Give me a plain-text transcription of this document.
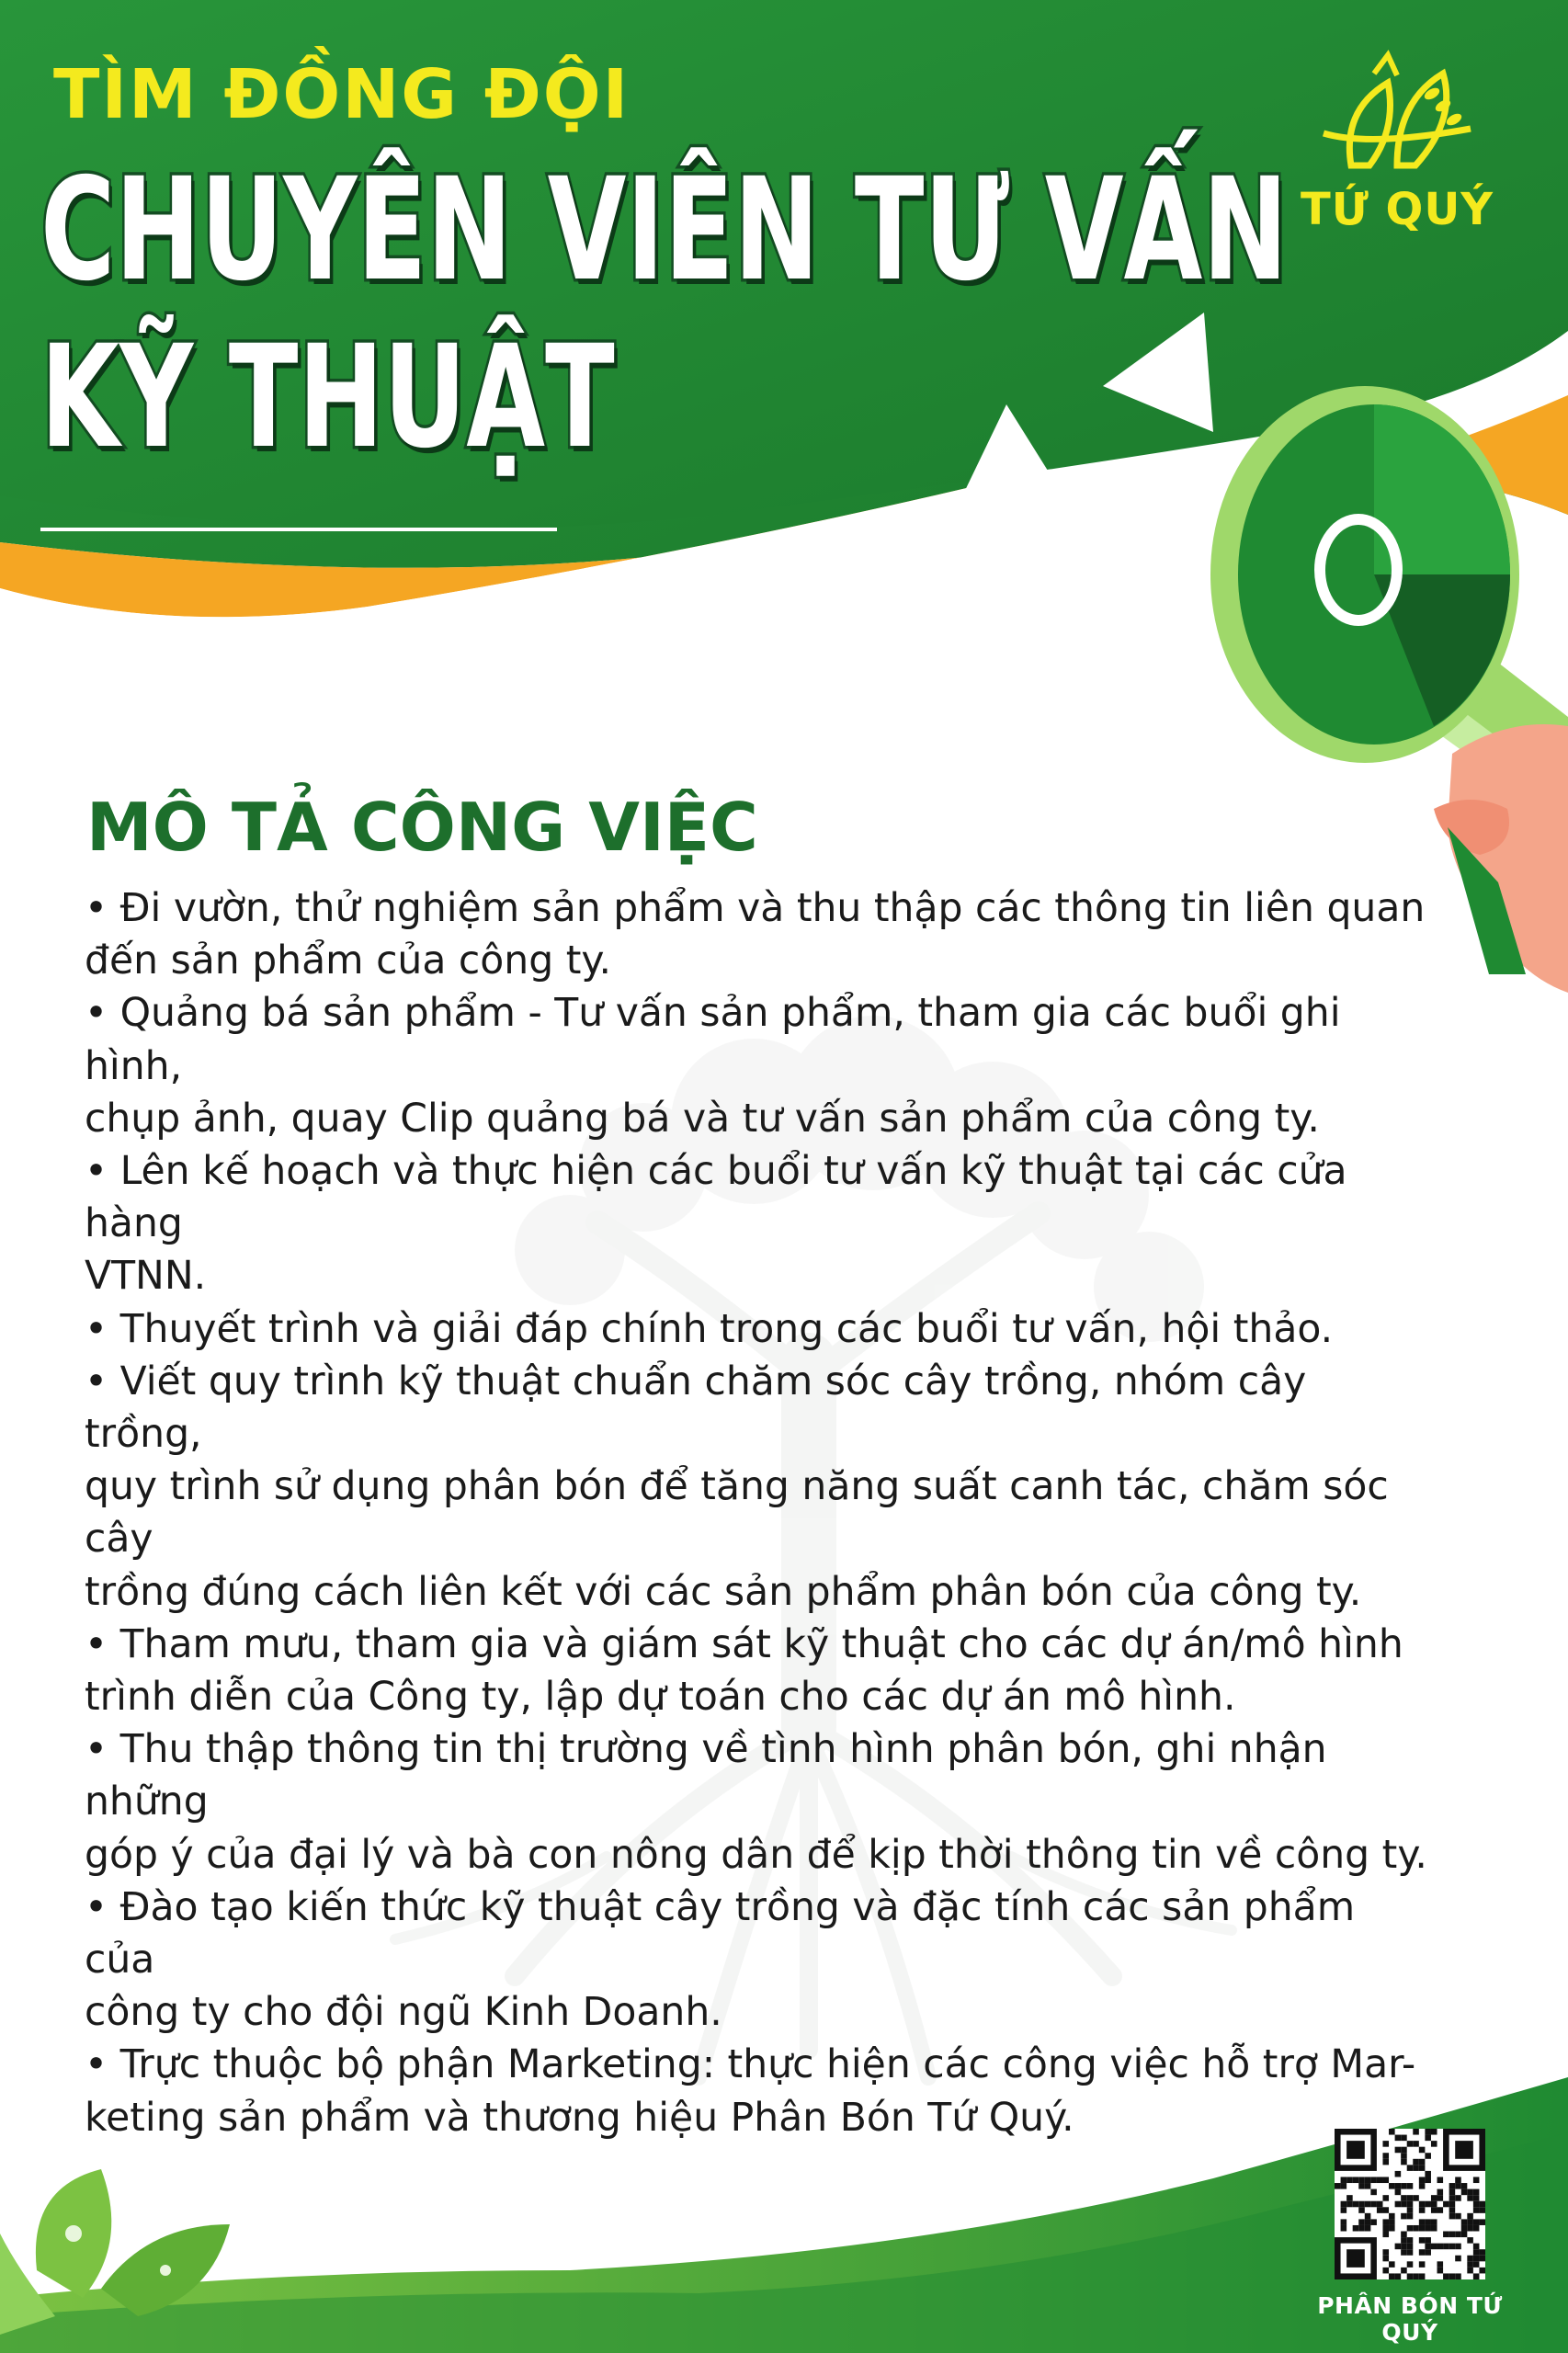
TÌM ĐỒNG ĐỘI

CHUYÊN VIÊN TƯ VẤN
KỸ THUẬT
TỨ QUÝ
MÔ TẢ CÔNG VIỆC
• Đi vườn, thử nghiệm sản phẩm và thu thập các thông tin liên quan
đến sản phẩm của công ty.
• Quảng bá sản phẩm - Tư vấn sản phẩm, tham gia các buổi ghi hình,
chụp ảnh, quay Clip quảng bá và tư vấn sản phẩm của công ty.
• Lên kế hoạch và thực hiện các buổi tư vấn kỹ thuật tại các cửa hàng
VTNN.
• Thuyết trình và giải đáp chính trong các buổi tư vấn, hội thảo.
• Viết quy trình kỹ thuật chuẩn chăm sóc cây trồng, nhóm cây trồng,
quy trình sử dụng phân bón để tăng năng suất canh tác, chăm sóc cây
trồng đúng cách liên kết với các sản phẩm phân bón của công ty.
• Tham mưu, tham gia và giám sát kỹ thuật cho các dự án/mô hình
trình diễn của Công ty, lập dự toán cho các dự án mô hình.
• Thu thập thông tin thị trường về tình hình phân bón, ghi nhận những
góp ý của đại lý và bà con nông dân để kịp thời thông tin về công ty.
• Đào tạo kiến thức kỹ thuật cây trồng và đặc tính các sản phẩm của
công ty cho đội ngũ Kinh Doanh.
• Trực thuộc bộ phận Marketing: thực hiện các công việc hỗ trợ Mar-
keting sản phẩm và thương hiệu Phân Bón Tứ Quý.
PHÂN BÓN TỨ QUÝ
